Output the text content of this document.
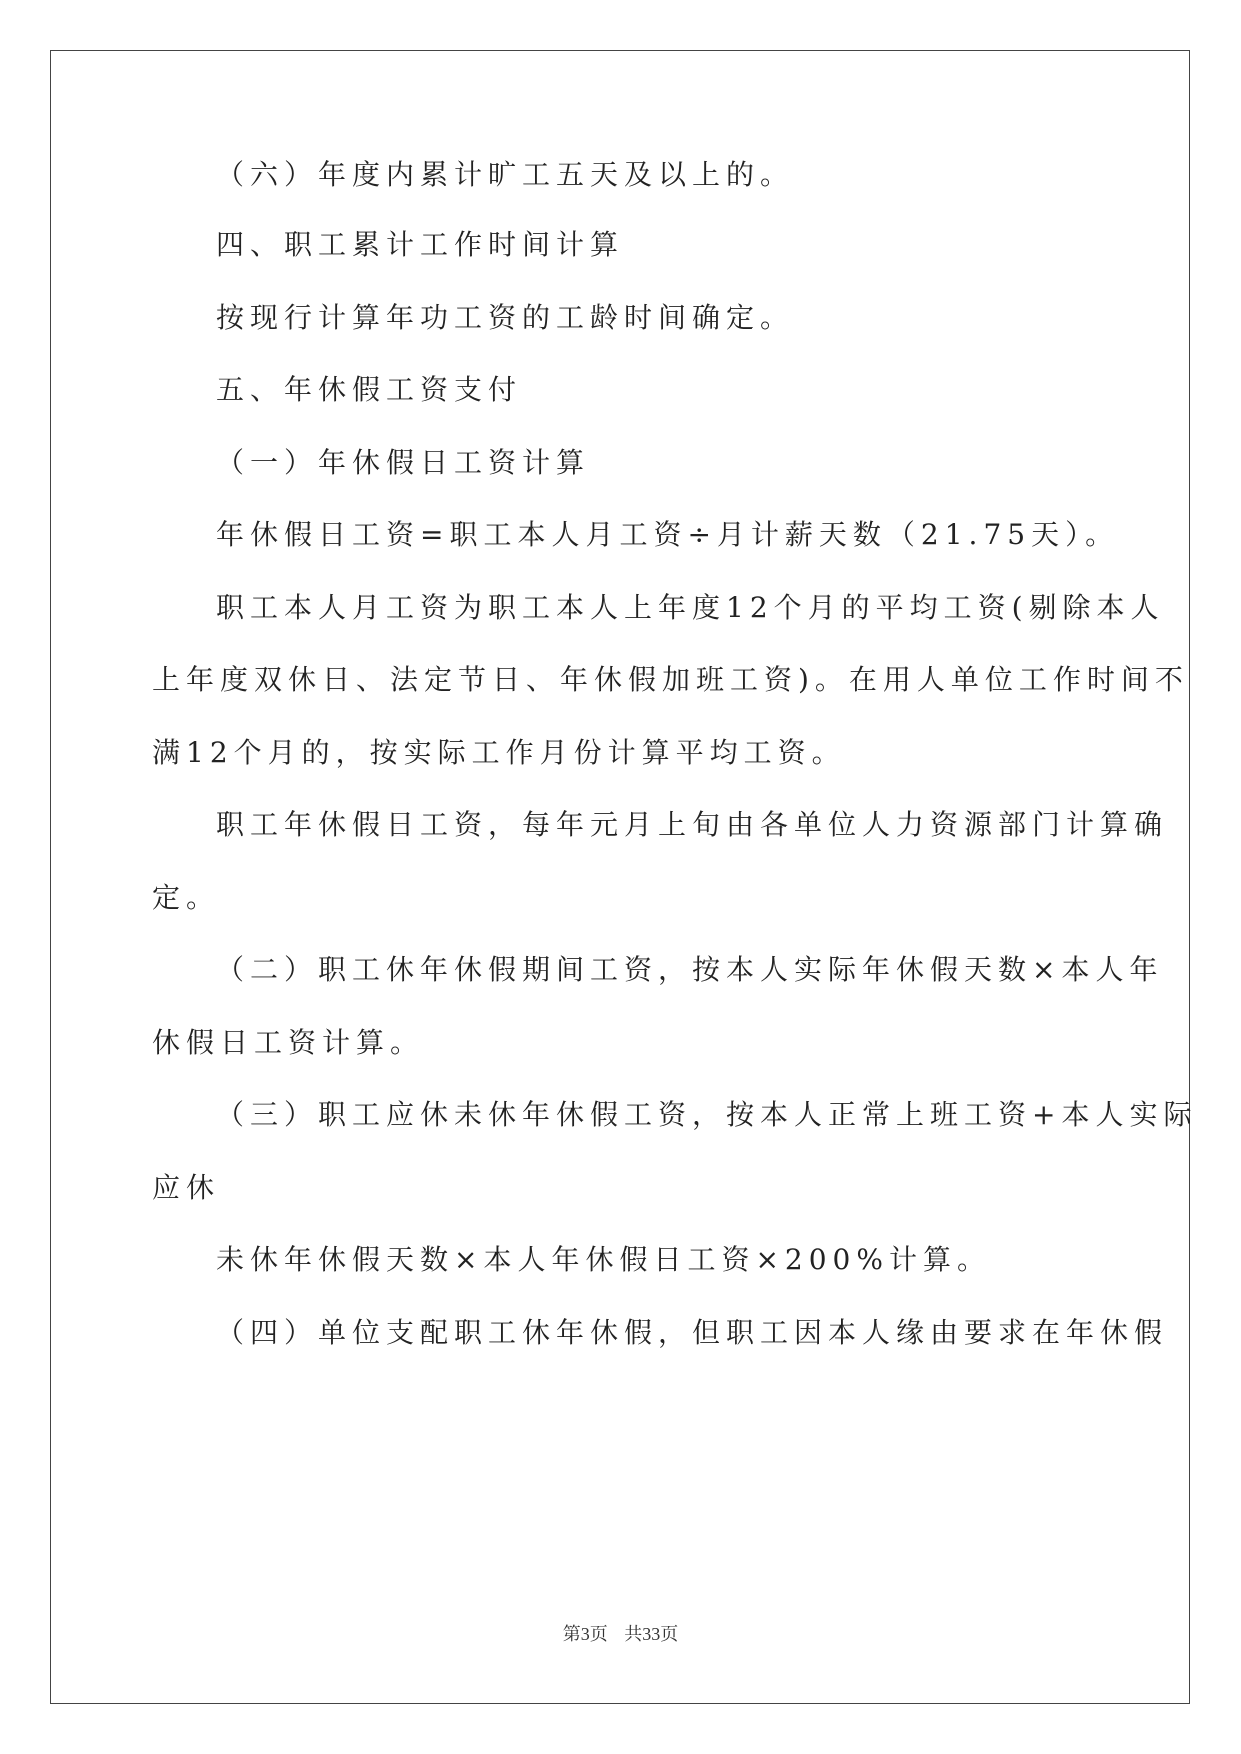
（六）年度内累计旷工五天及以上的。
四、职工累计工作时间计算
按现行计算年功工资的工龄时间确定。
五、年休假工资支付
（一）年休假日工资计算
年休假日工资=职工本人月工资÷月计薪天数（21.75天）。
职工本人月工资为职工本人上年度12个月的平均工资(剔除本人
上年度双休日、法定节日、年休假加班工资)。在用人单位工作时间不
满12个月的，按实际工作月份计算平均工资。
职工年休假日工资，每年元月上旬由各单位人力资源部门计算确
定。
（二）职工休年休假期间工资，按本人实际年休假天数×本人年
休假日工资计算。
（三）职工应休未休年休假工资，按本人正常上班工资+本人实际
应休
未休年休假天数×本人年休假日工资×200%计算。
（四）单位支配职工休年休假，但职工因本人缘由要求在年休假
第3页 共33页
